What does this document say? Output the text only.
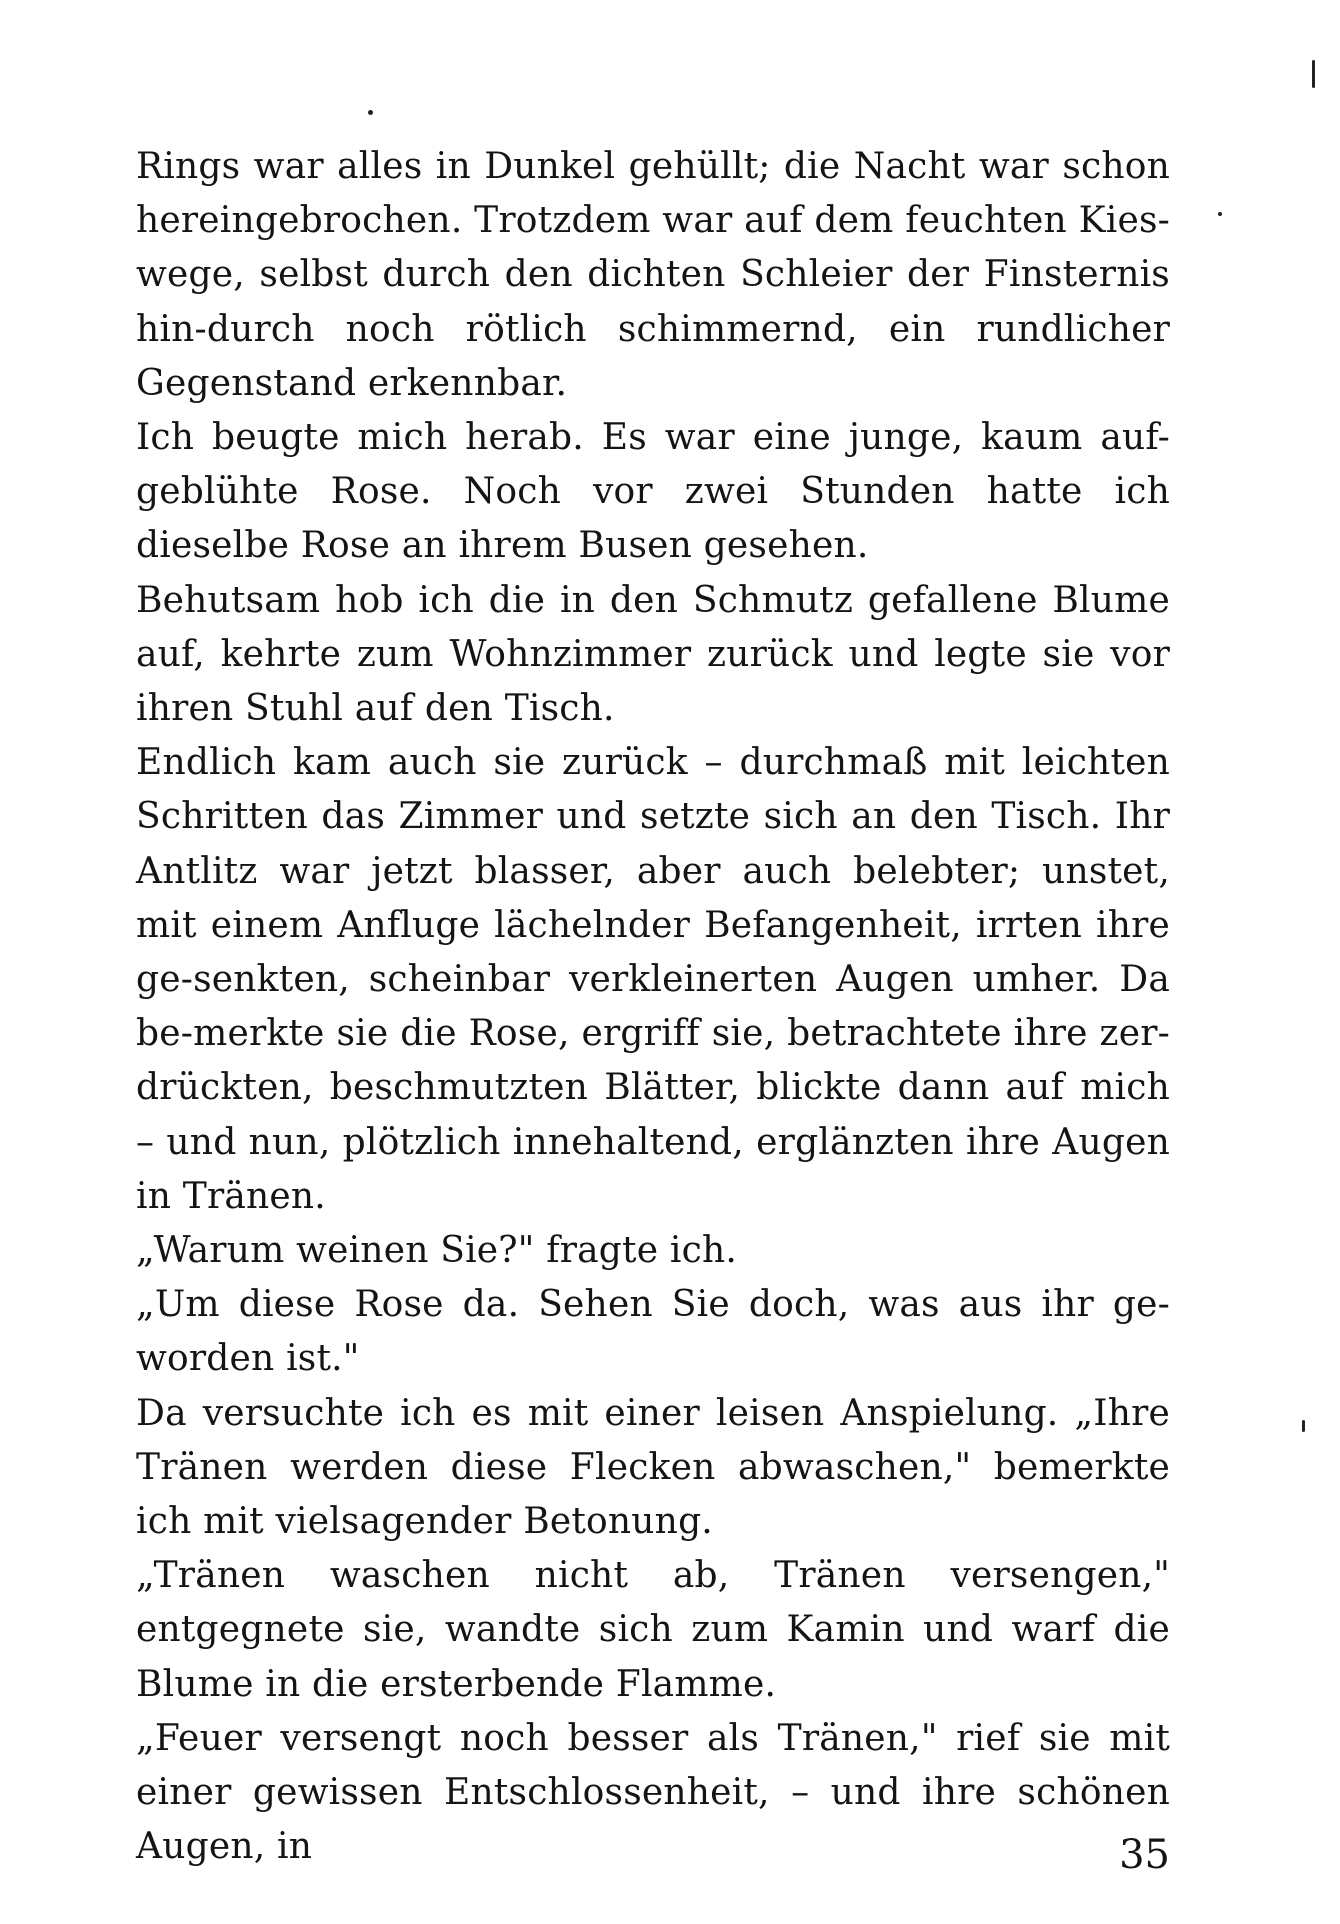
Rings war alles in Dunkel gehüllt; die Nacht war schon hereingebrochen. Trotzdem war auf dem feuchten Kies-wege, selbst durch den dichten Schleier der Finsternis hin-durch noch rötlich schimmernd, ein rundlicher Gegenstand erkennbar.

Ich beugte mich herab. Es war eine junge, kaum auf-geblühte Rose. Noch vor zwei Stunden hatte ich dieselbe Rose an ihrem Busen gesehen.

Behutsam hob ich die in den Schmutz gefallene Blume auf, kehrte zum Wohnzimmer zurück und legte sie vor ihren Stuhl auf den Tisch.

Endlich kam auch sie zurück – durchmaß mit leichten Schritten das Zimmer und setzte sich an den Tisch. Ihr Antlitz war jetzt blasser, aber auch belebter; unstet, mit einem Anfluge lächelnder Befangenheit, irrten ihre ge-senkten, scheinbar verkleinerten Augen umher. Da be-merkte sie die Rose, ergriff sie, betrachtete ihre zer-drückten, beschmutzten Blätter, blickte dann auf mich – und nun, plötzlich innehaltend, erglänzten ihre Augen in Tränen.

„Warum weinen Sie?" fragte ich.

„Um diese Rose da. Sehen Sie doch, was aus ihr ge-worden ist."

Da versuchte ich es mit einer leisen Anspielung. „Ihre Tränen werden diese Flecken abwaschen," bemerkte ich mit vielsagender Betonung.

„Tränen waschen nicht ab, Tränen versengen," entgegnete sie, wandte sich zum Kamin und warf die Blume in die ersterbende Flamme.

„Feuer versengt noch besser als Tränen," rief sie mit einer gewissen Entschlossenheit, – und ihre schönen Augen, in	35
